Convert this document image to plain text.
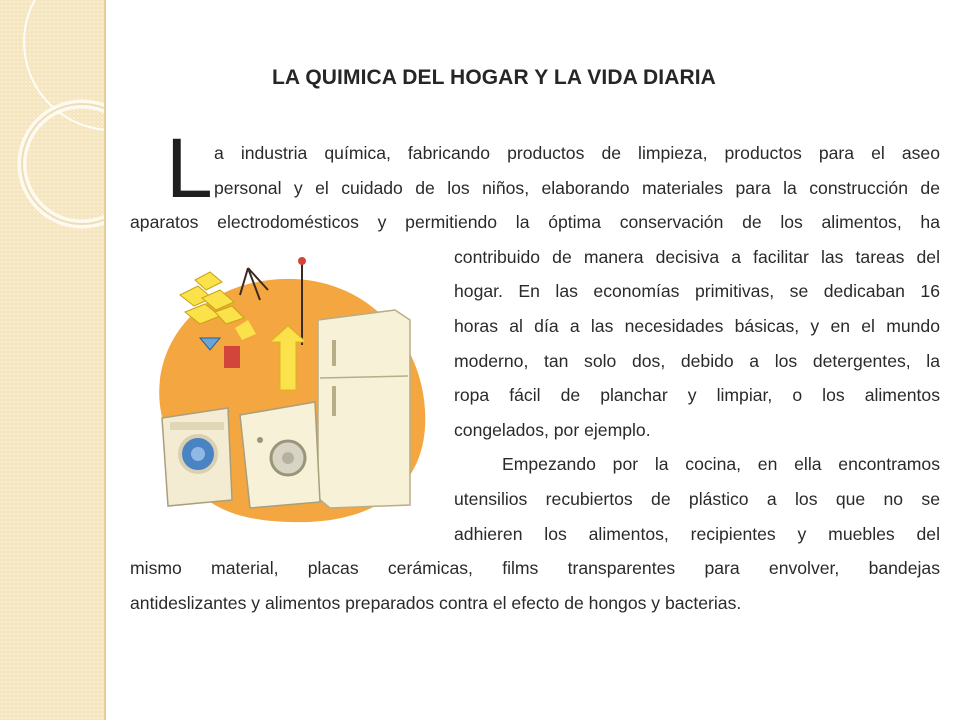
LA QUIMICA DEL HOGAR Y LA VIDA DIARIA
L a industria química, fabricando productos de limpieza, productos para el aseo
personal y el cuidado de los niños, elaborando materiales para la construcción de
aparatos electrodomésticos y permitiendo la óptima conservación de los alimentos, ha
contribuido de manera decisiva a facilitar las tareas del
hogar. En las economías primitivas, se dedicaban 16
horas al día a las necesidades básicas, y en el mundo
moderno, tan solo dos, debido a los detergentes, la
ropa fácil de planchar y limpiar, o los alimentos
congelados, por ejemplo.
Empezando por la cocina, en ella encontramos
utensilios recubiertos de plástico a los que no se
adhieren los alimentos, recipientes y muebles del
mismo material, placas cerámicas, films transparentes para envolver, bandejas
antideslizantes y alimentos preparados contra el efecto de hongos y bacterias.
